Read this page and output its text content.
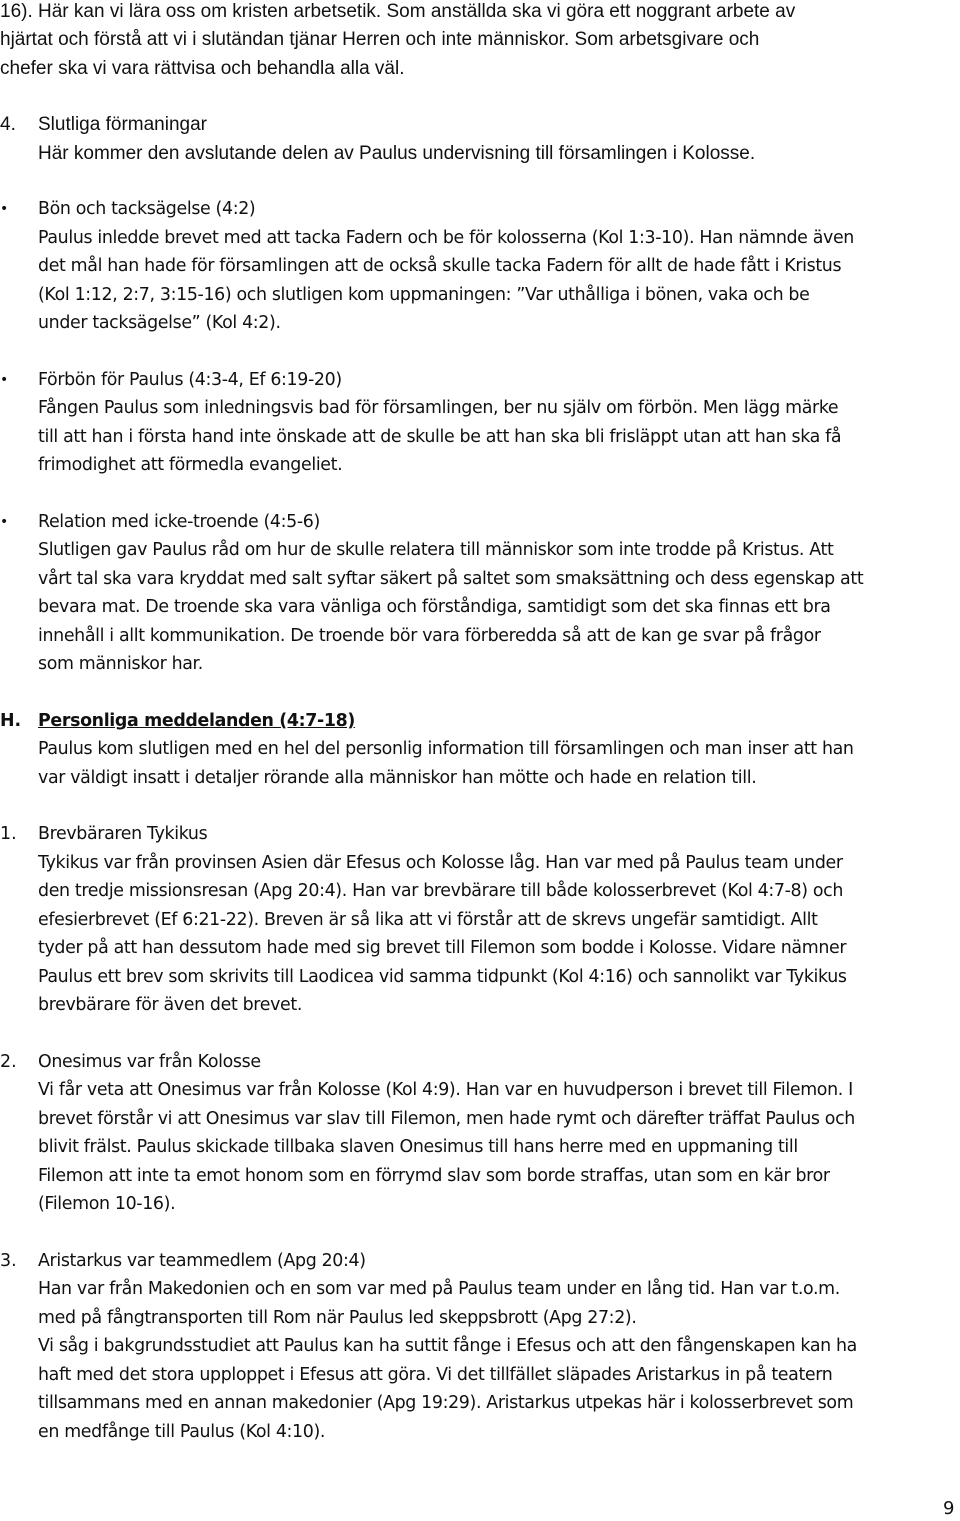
16). Här kan vi lära oss om kristen arbetsetik. Som anställda ska vi göra ett noggrant arbete av

hjärtat och förstå att vi i slutändan tjänar Herren och inte människor. Som arbetsgivare och

chefer ska vi vara rättvisa och behandla alla väl.

4. Slutliga förmaningar

Här kommer den avslutande delen av Paulus undervisning till församlingen i Kolosse.

• Bön och tacksägelse (4:2)

Paulus inledde brevet med att tacka Fadern och be för kolosserna (Kol 1:3-10). Han nämnde även

det mål han hade för församlingen att de också skulle tacka Fadern för allt de hade fått i Kristus

(Kol 1:12, 2:7, 3:15-16) och slutligen kom uppmaningen: ”Var uthålliga i bönen, vaka och be

under tacksägelse” (Kol 4:2).

• Förbön för Paulus (4:3-4, Ef 6:19-20)

Fången Paulus som inledningsvis bad för församlingen, ber nu själv om förbön. Men lägg märke

till att han i första hand inte önskade att de skulle be att han ska bli frisläppt utan att han ska få

frimodighet att förmedla evangeliet.

• Relation med icke-troende (4:5-6)

Slutligen gav Paulus råd om hur de skulle relatera till människor som inte trodde på Kristus. Att

vårt tal ska vara kryddat med salt syftar säkert på saltet som smaksättning och dess egenskap att

bevara mat. De troende ska vara vänliga och förståndiga, samtidigt som det ska finnas ett bra

innehåll i allt kommunikation. De troende bör vara förberedda så att de kan ge svar på frågor

som människor har.

H. Personliga meddelanden (4:7-18)

Paulus kom slutligen med en hel del personlig information till församlingen och man inser att han

var väldigt insatt i detaljer rörande alla människor han mötte och hade en relation till.

1. Brevbäraren Tykikus

Tykikus var från provinsen Asien där Efesus och Kolosse låg. Han var med på Paulus team under

den tredje missionsresan (Apg 20:4). Han var brevbärare till både kolosserbrevet (Kol 4:7-8) och

efesierbrevet (Ef 6:21-22). Breven är så lika att vi förstår att de skrevs ungefär samtidigt. Allt

tyder på att han dessutom hade med sig brevet till Filemon som bodde i Kolosse. Vidare nämner

Paulus ett brev som skrivits till Laodicea vid samma tidpunkt (Kol 4:16) och sannolikt var Tykikus

brevbärare för även det brevet.

2. Onesimus var från Kolosse

Vi får veta att Onesimus var från Kolosse (Kol 4:9). Han var en huvudperson i brevet till Filemon. I

brevet förstår vi att Onesimus var slav till Filemon, men hade rymt och därefter träffat Paulus och

blivit frälst. Paulus skickade tillbaka slaven Onesimus till hans herre med en uppmaning till

Filemon att inte ta emot honom som en förrymd slav som borde straffas, utan som en kär bror

(Filemon 10-16).

3. Aristarkus var teammedlem (Apg 20:4)

Han var från Makedonien och en som var med på Paulus team under en lång tid. Han var t.o.m.

med på fångtransporten till Rom när Paulus led skeppsbrott (Apg 27:2).

Vi såg i bakgrundsstudiet att Paulus kan ha suttit fånge i Efesus och att den fångenskapen kan ha

haft med det stora upploppet i Efesus att göra. Vi det tillfället släpades Aristarkus in på teatern

tillsammans med en annan makedonier (Apg 19:29). Aristarkus utpekas här i kolosserbrevet som

en medfånge till Paulus (Kol 4:10).

9
